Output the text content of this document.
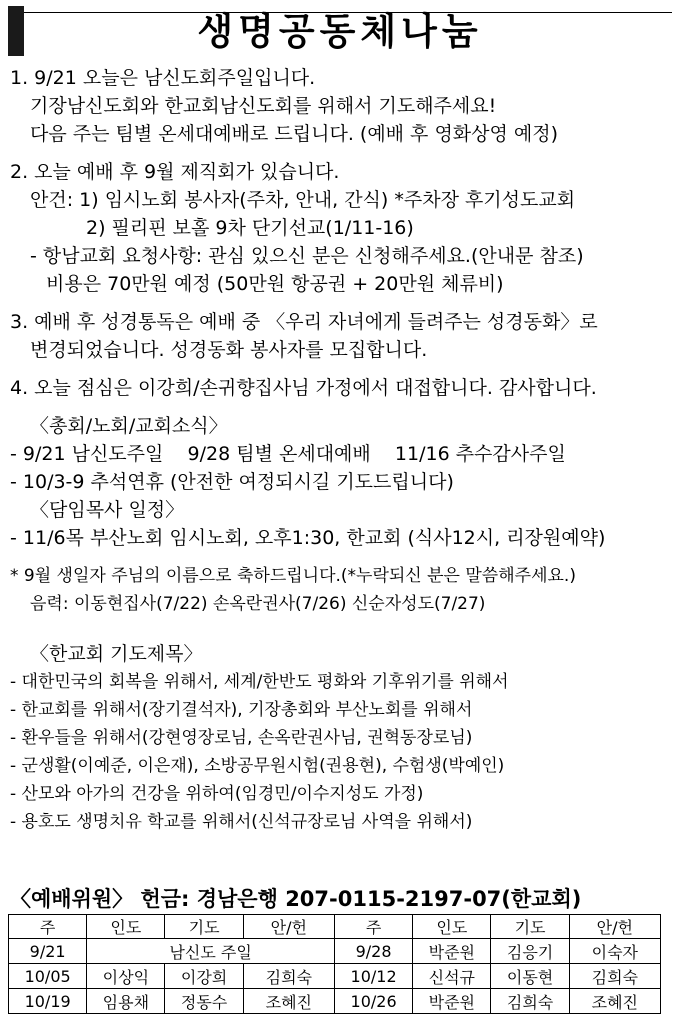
생명공동체나눔
1. 9/21 오늘은 남신도회주일입니다.
기장남신도회와 한교회남신도회를 위해서 기도해주세요!
다음 주는 팀별 온세대예배로 드립니다. (예배 후 영화상영 예정)
2. 오늘 예배 후 9월 제직회가 있습니다.
안건: 1) 임시노회 봉사자(주차, 안내, 간식) *주차장 후기성도교회
2) 필리핀 보홀 9차 단기선교(1/11-16)
- 항남교회 요청사항: 관심 있으신 분은 신청해주세요.(안내문 참조)
비용은 70만원 예정 (50만원 항공권 + 20만원 체류비)
3. 예배 후 성경통독은 예배 중 〈우리 자녀에게 들려주는 성경동화〉로
변경되었습니다. 성경동화 봉사자를 모집합니다.
4. 오늘 점심은 이강희/손귀향집사님 가정에서 대접합니다. 감사합니다.
〈총회/노회/교회소식〉
- 9/21 남신도주일    9/28 팀별 온세대예배    11/16 추수감사주일
- 10/3-9 추석연휴 (안전한 여정되시길 기도드립니다)
〈담임목사 일정〉
- 11/6목 부산노회 임시노회, 오후1:30, 한교회 (식사12시, 리장원예약)
* 9월 생일자 주님의 이름으로 축하드립니다.(*누락되신 분은 말씀해주세요.)
음력: 이동현집사(7/22) 손옥란권사(7/26) 신순자성도(7/27)
〈한교회 기도제목〉
- 대한민국의 회복을 위해서, 세계/한반도 평화와 기후위기를 위해서
- 한교회를 위해서(장기결석자), 기장총회와 부산노회를 위해서
- 환우들을 위해서(강현영장로님, 손옥란권사님, 권혁동장로님)
- 군생활(이예준, 이은재), 소방공무원시험(권용현), 수험생(박예인)
- 산모와 아가의 건강을 위하여(임경민/이수지성도 가정)
- 용호도 생명치유 학교를 위해서(신석규장로님 사역을 위해서)
〈예배위원〉 헌금: 경남은행 207-0115-2197-07(한교회)
주	인도	기도	안/헌	주	인도	기도	안/헌
9/21	남신도 주일			9/28	박준원	김응기	이숙자
10/05	이상익	이강희	김희숙	10/12	신석규	이동현	김희숙
10/19	임용채	정동수	조혜진	10/26	박준원	김희숙	조혜진
